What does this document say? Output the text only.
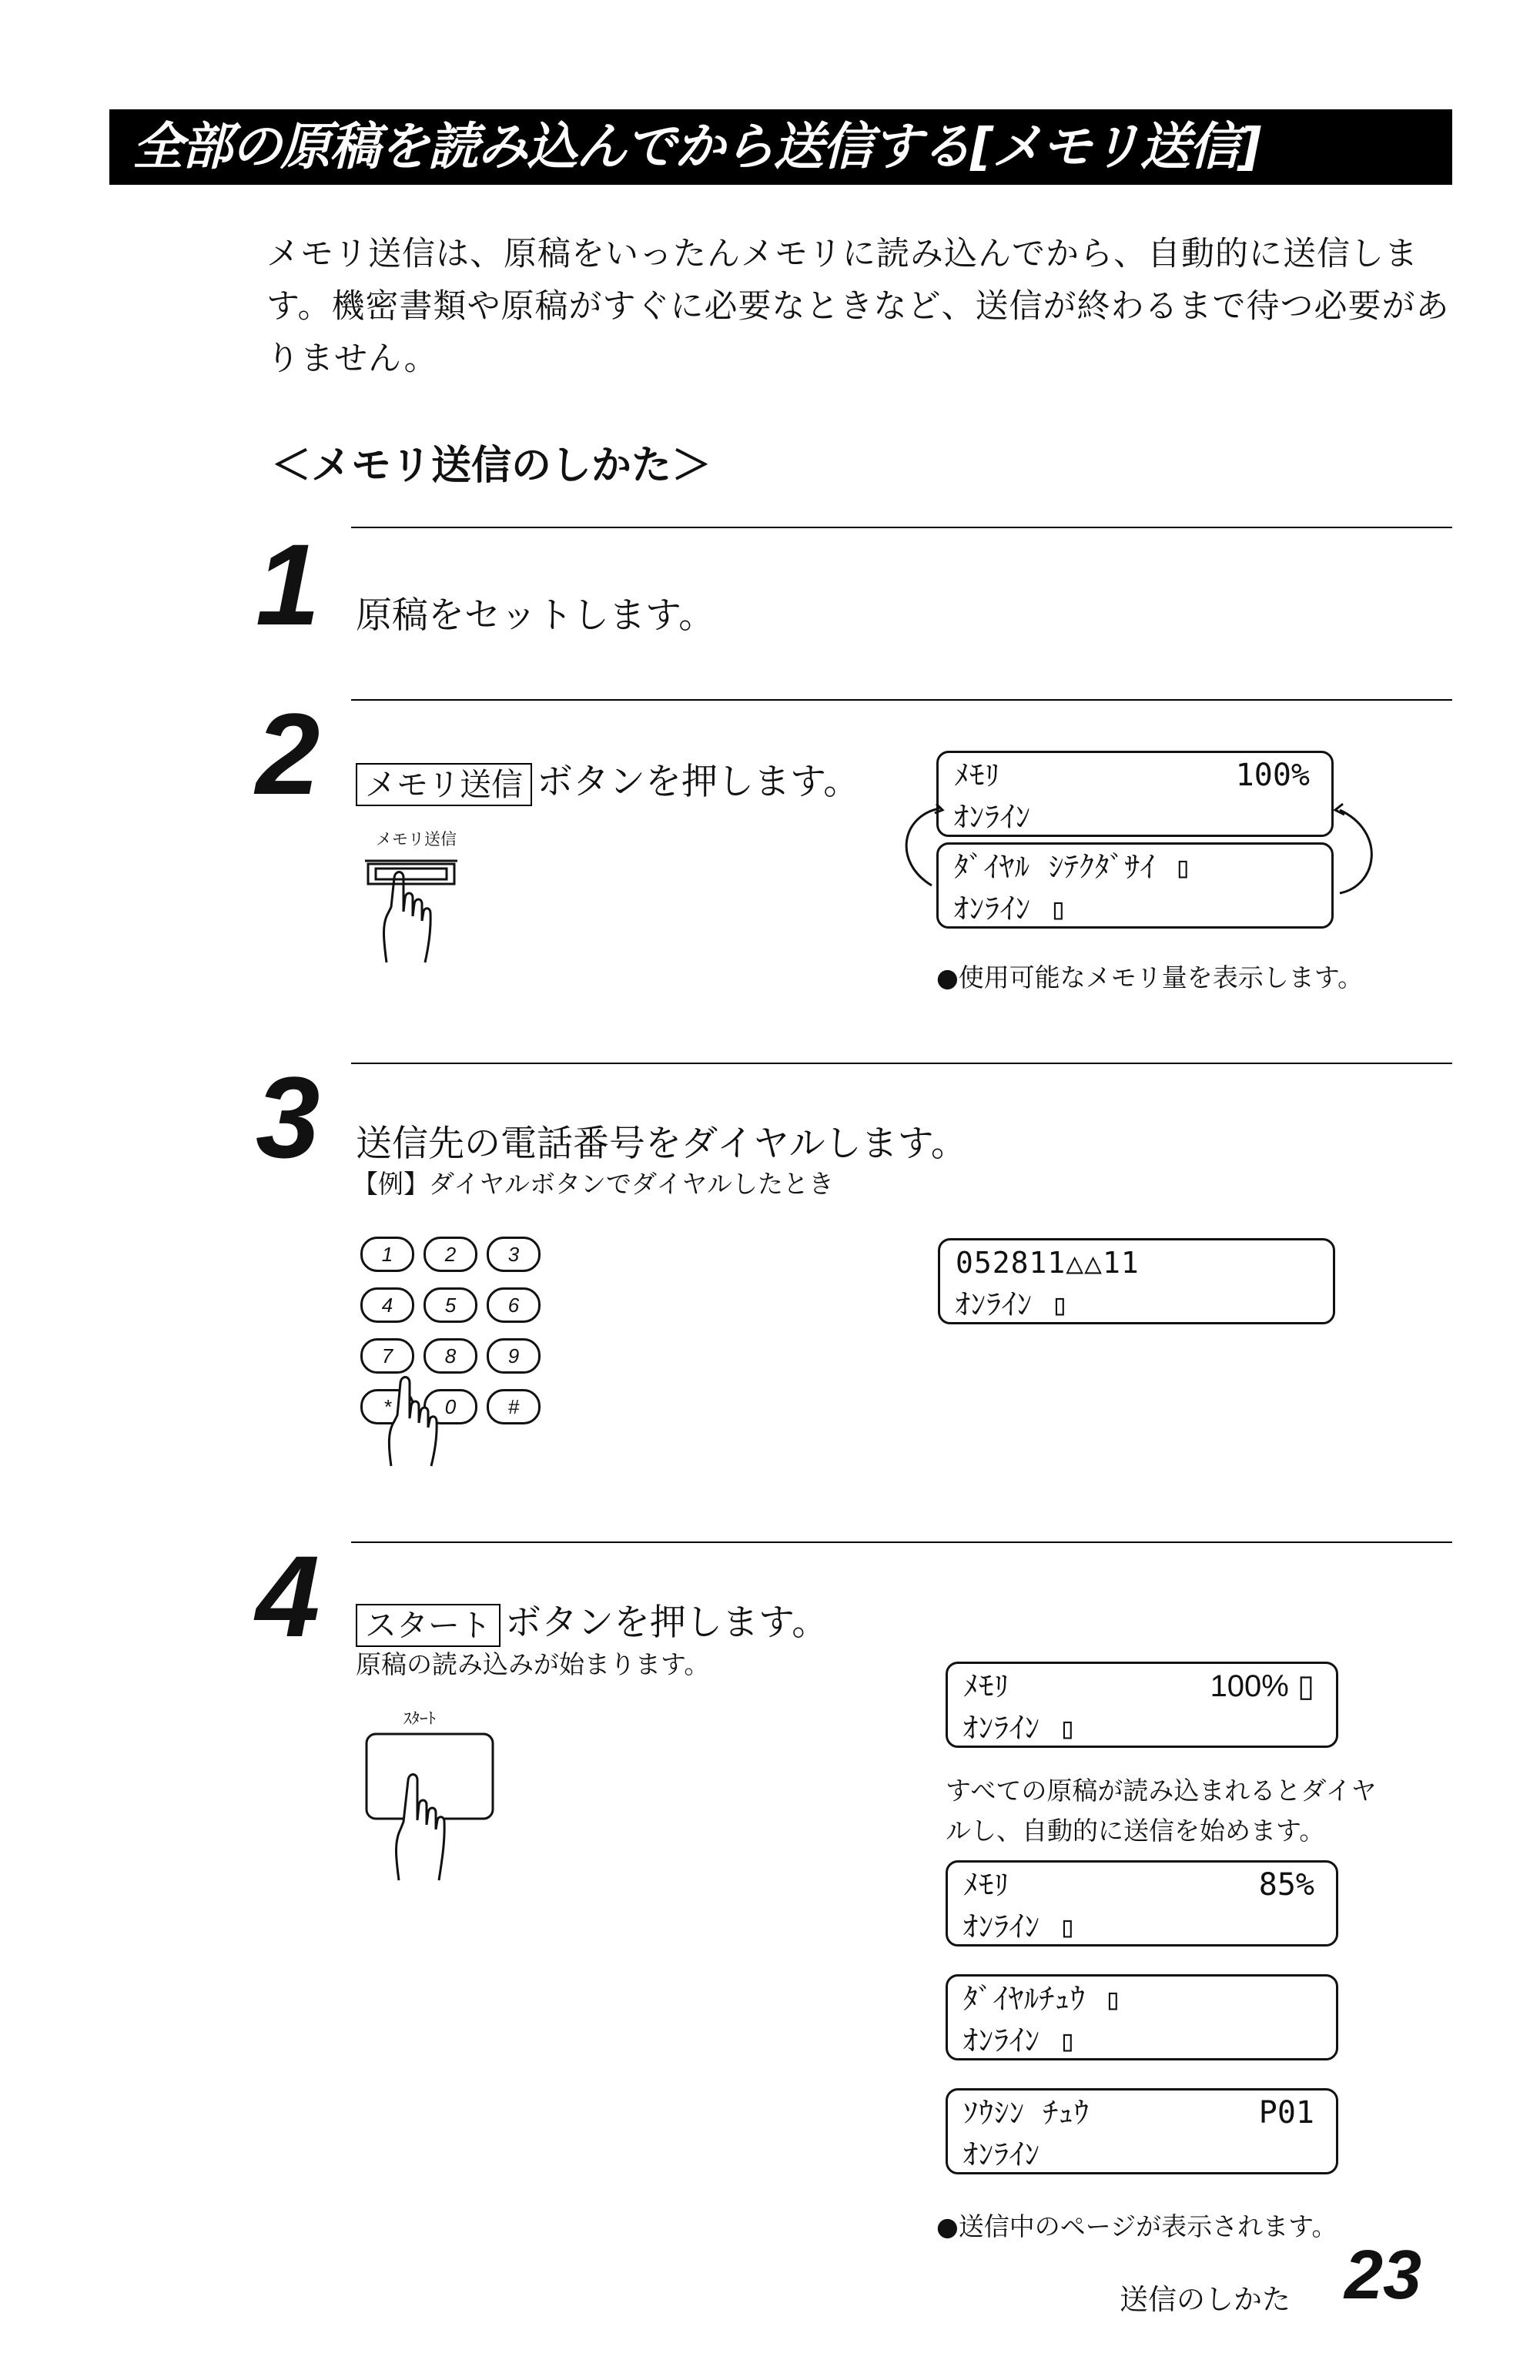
全部の原稿を読み込んでから送信する[メモリ送信]
メモリ送信は、原稿をいったんメモリに読み込んでから、自動的に送信します。機密書類や原稿がすぐに必要なときなど、送信が終わるまで待つ必要がありません。
＜メモリ送信のしかた＞
1 原稿をセットします。
2 メモリ送信 ボタンを押します。
メモリ送信
ﾒﾓﾘ	100%
ｵﾝﾗｲﾝ
ﾀﾞｲﾔﾙ ｼﾃｸﾀﾞｻｲ ▯
ｵﾝﾗｲﾝ ▯
●使用可能なメモリ量を表示します。
3 送信先の電話番号をダイヤルします。
【例】ダイヤルボタンでダイヤルしたとき
1	2	3
4	5	6
7	8	9
*	0	#
052811△△11
ｵﾝﾗｲﾝ ▯
4 スタート ボタンを押します。
原稿の読み込みが始まります。
ｽﾀｰﾄ
ﾒﾓﾘ	100% ▯
ｵﾝﾗｲﾝ ▯
すべての原稿が読み込まれるとダイヤ
ルし、自動的に送信を始めます。
ﾒﾓﾘ	85%
ｵﾝﾗｲﾝ ▯
ﾀﾞｲﾔﾙﾁｭｳ ▯
ｵﾝﾗｲﾝ ▯
ｿｳｼﾝ ﾁｭｳ	P01
ｵﾝﾗｲﾝ
●送信中のページが表示されます。
送信のしかた 23
